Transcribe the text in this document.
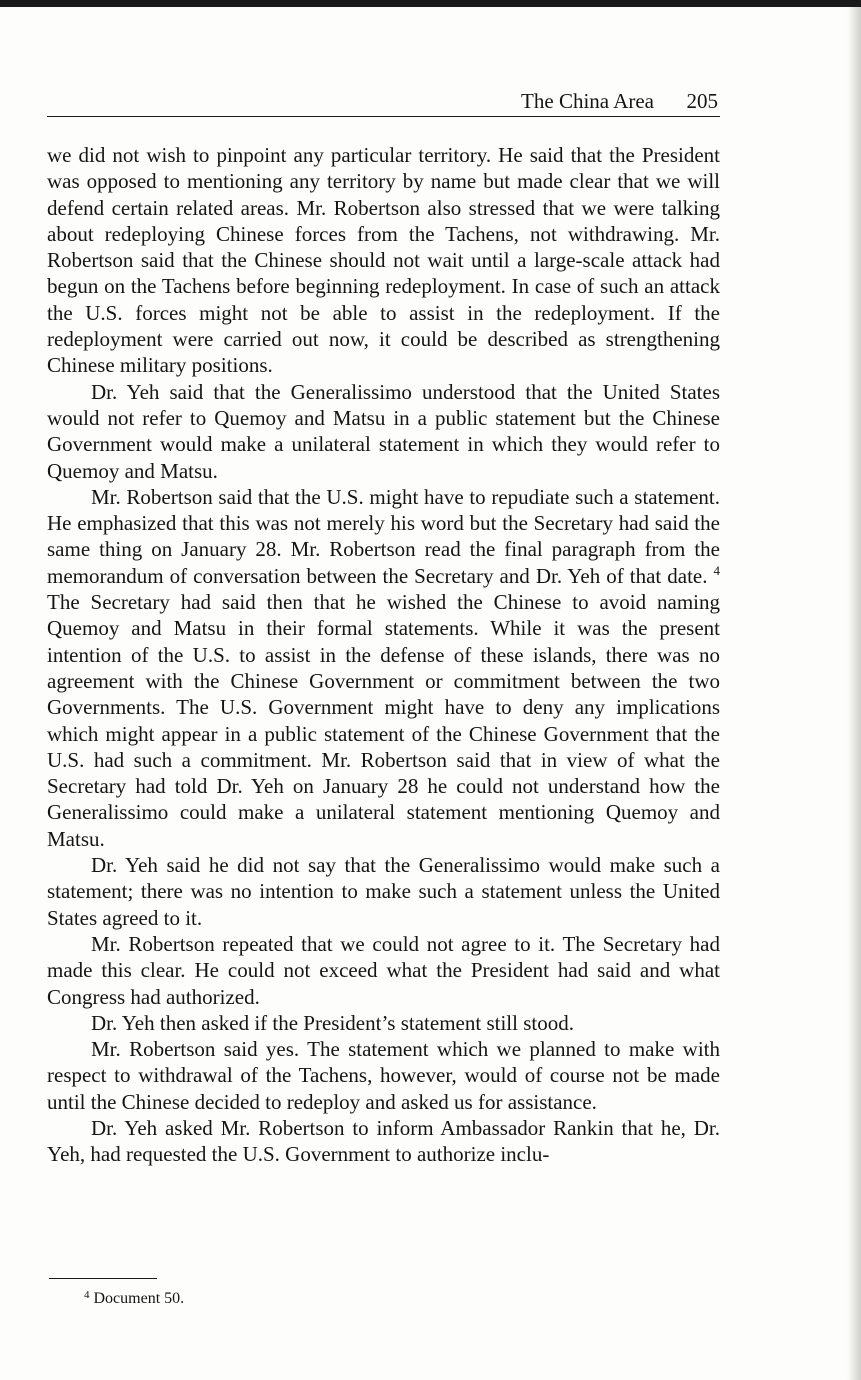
The China Area 205

we did not wish to pinpoint any particular territory. He said that the President was opposed to mentioning any territory by name but made clear that we will defend certain related areas. Mr. Robertson also stressed that we were talking about redeploying Chinese forces from the Tachens, not withdrawing. Mr. Robertson said that the Chinese should not wait until a large-scale attack had begun on the Tachens before beginning redeployment. In case of such an attack the U.S. forces might not be able to assist in the redeployment. If the redeployment were carried out now, it could be described as strengthening Chinese military positions.

Dr. Yeh said that the Generalissimo understood that the United States would not refer to Quemoy and Matsu in a public statement but the Chinese Government would make a unilateral statement in which they would refer to Quemoy and Matsu.

Mr. Robertson said that the U.S. might have to repudiate such a statement. He emphasized that this was not merely his word but the Secretary had said the same thing on January 28. Mr. Robertson read the final paragraph from the memorandum of conversation between the Secretary and Dr. Yeh of that date. $^4$ The Secretary had said then that he wished the Chinese to avoid naming Quemoy and Matsu in their formal statements. While it was the present intention of the U.S. to assist in the defense of these islands, there was no agreement with the Chinese Government or commitment between the two Governments. The U.S. Government might have to deny any implications which might appear in a public statement of the Chinese Government that the U.S. had such a commitment. Mr. Robertson said that in view of what the Secretary had told Dr. Yeh on January 28 he could not understand how the Generalissimo could make a unilateral statement mentioning Quemoy and Matsu.

Dr. Yeh said he did not say that the Generalissimo would make such a statement; there was no intention to make such a statement unless the United States agreed to it.

Mr. Robertson repeated that we could not agree to it. The Secretary had made this clear. He could not exceed what the President had said and what Congress had authorized.

Dr. Yeh then asked if the President’s statement still stood.

Mr. Robertson said yes. The statement which we planned to make with respect to withdrawal of the Tachens, however, would of course not be made until the Chinese decided to redeploy and asked us for assistance.

Dr. Yeh asked Mr. Robertson to inform Ambassador Rankin that he, Dr. Yeh, had requested the U.S. Government to authorize inclu-

$^4$ Document 50.
